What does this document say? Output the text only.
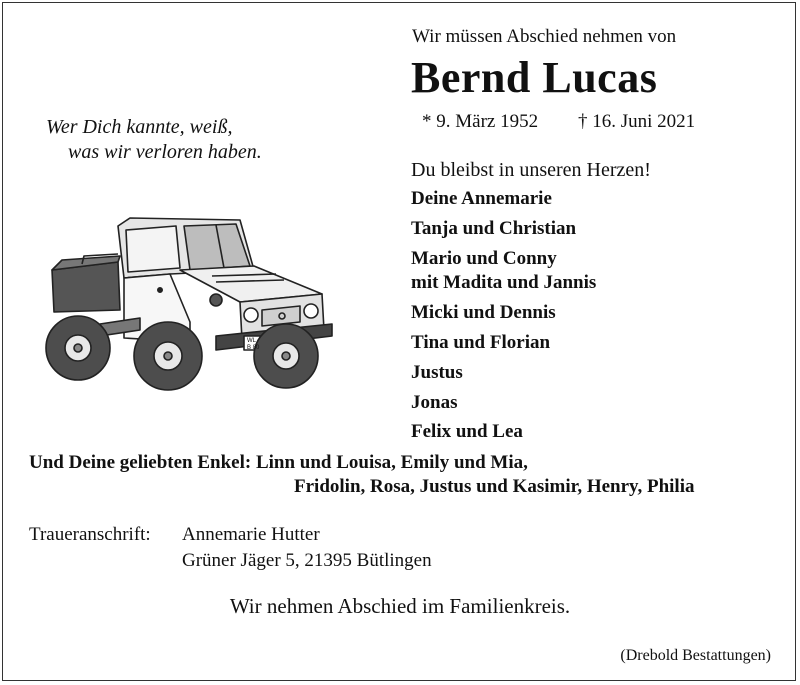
Wir müssen Abschied nehmen von
Bernd Lucas
* 9. März 1952 † 16. Juni 2021
Wer Dich kannte, weiß,
was wir verloren haben.
WL
B 80
Du bleibst in unseren Herzen!
Deine Annemarie
Tanja und Christian
Mario und Conny
mit Madita und Jannis
Micki und Dennis
Tina und Florian
Justus
Jonas
Felix und Lea
Und Deine geliebten Enkel: Linn und Louisa, Emily und Mia,
Fridolin, Rosa, Justus und Kasimir, Henry, Philia
Traueranschrift: Annemarie Hutter
Grüner Jäger 5, 21395 Bütlingen
Wir nehmen Abschied im Familienkreis.
(Drebold Bestattungen)
